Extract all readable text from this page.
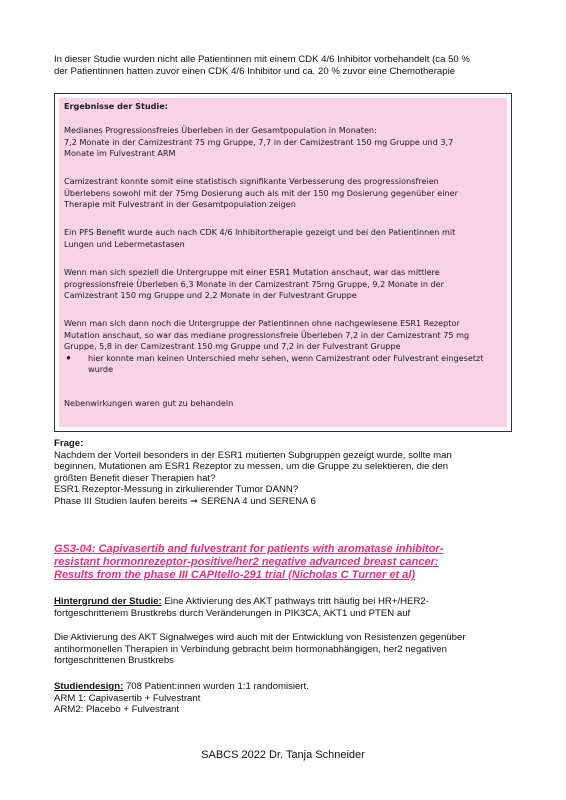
In dieser Studie wurden nicht alle Patientinnen mit einem CDK 4/6 Inhibitor vorbehandelt (ca 50 %

der Patientinnen hatten zuvor einen CDK 4/6 Inhibitor und ca. 20 % zuvor eine Chemotherapie

Ergebnisse der Studie:

Medianes Progressionsfreies Überleben in der Gesamtpopulation in Monaten:

7,2 Monate in der Camizestrant 75 mg Gruppe, 7,7 in der Camizestrant 150 mg Gruppe und 3,7

Monate im Fulvestrant ARM

Camizestrant konnte somit eine statistisch signifikante Verbesserung des progressionsfreien

Überlebens sowohl mit der 75mg Dosierung auch als mit der 150 mg Dosierung gegenüber einer

Therapie mit Fulvestrant in der Gesamtpopulation zeigen

Ein PFS Benefit wurde auch nach CDK 4/6 Inhibitortherapie gezeigt und bei den Patientinnen mit

Lungen und Lebermetastasen

Wenn man sich speziell die Untergruppe mit einer ESR1 Mutation anschaut, war das mittlere

progressionsfreie Überleben 6,3 Monate in der Camizestrant 75mg Gruppe, 9,2 Monate in der

Camizestrant 150 mg Gruppe und 2,2 Monate in der Fulvestrant Gruppe

Wenn man sich dann noch die Untergruppe der Patientinnen ohne nachgewiesene ESR1 Rezeptor

Mutation anschaut, so war das mediane progressionsfreie Überleben 7,2 in der Camizestrant 75 mg

Gruppe, 5,8 in der Camizestrant 150 mg Gruppe und 7,2 in der Fulvestrant Gruppe

●	hier konnte man keinen Unterschied mehr sehen, wenn Camizestrant oder Fulvestrant eingesetzt

wurde

Nebenwirkungen waren gut zu behandeln

Frage:

Nachdem der Vorteil besonders in der ESR1 mutierten Subgruppen gezeigt wurde, sollte man

beginnen, Mutationen am ESR1 Rezeptor zu messen, um die Gruppe zu selektieren, die den

größten Benefit dieser Therapien hat?

ESR1 Rezeptor-Messung in zirkulierender Tumor DANN?

Phase III Studien laufen bereits ➞ SERENA 4 und SERENA 6

GS3-04: Capivasertib and fulvestrant for patients with aromatase inhibitor-
resistant hormonrezeptor-positive/her2 negative advanced breast cancer:
Results from the phase III CAPItello-291 trial (Nicholas C Turner et al)

Hintergrund der Studie: Eine Aktivierung des AKT pathways tritt häufig bei HR+/HER2-

fortgeschrittenem Brustkrebs durch Veränderungen in PIK3CA, AKT1 und PTEN auf

Die Aktivierung des AKT Signalweges wird auch mit der Entwicklung von Resistenzen gegenüber

antihormonellen Therapien in Verbindung gebracht beim hormonabhängigen, her2 negativen

fortgeschrittenen Brustkrebs

Studiendesign: 708 Patient:innen wurden 1:1 randomisiert.

ARM 1: Capivasertib + Fulvestrant

ARM2: Placebo + Fulvestrant

SABCS 2022 Dr. Tanja Schneider
